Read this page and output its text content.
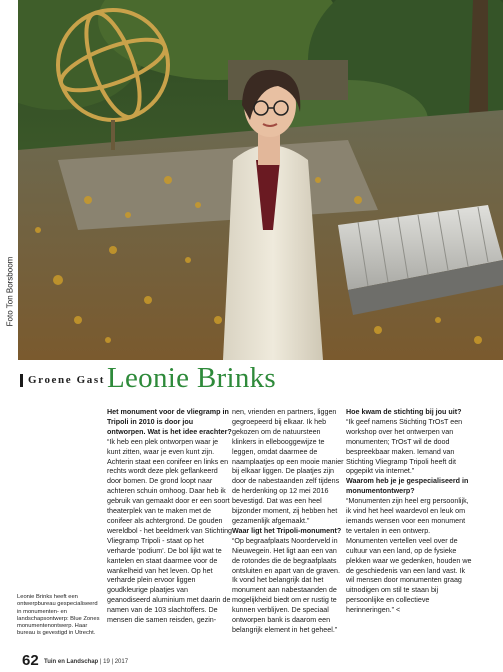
Foto Ton Borsboom
Groene Gast Leonie Brinks

Het monument voor de vliegramp in Tripoli in 2010 is door jou ontworpen. Wat is het idee erachter?

“Ik heb een plek ontworpen waar je kunt zitten, waar je even kunt zijn. Achterin staat een conifeer en links en rechts wordt deze plek geflankeerd door bomen. De grond loopt naar achteren schuin omhoog. Daar heb ik gebruik van gemaakt door er een soort theaterplek van te maken met de conifeer als achtergrond. De gouden wereldbol - het beeldmerk van Stichting Vliegramp Tripoli - staat op het verharde ‘podium’. De bol lijkt wat te kantelen en staat daarmee voor de wankelheid van het leven. Op het verharde plein ervoor liggen goudkleurige plaatjes van geanodiseerd aluminium met daarin de namen van de 103 slachtoffers. De mensen die samen reisden, gezin-

nen, vrienden en partners, liggen gegroepeerd bij elkaar. Ik heb gekozen om de natuursteen klinkers in ellebooggewijze te leggen, omdat daarmee de naamplaatjes op een mooie manier bij elkaar liggen. De plaatjes zijn door de nabestaanden zelf tijdens de herdenking op 12 mei 2016 bevestigd. Dat was een heel bijzonder moment, zij hebben het gezamenlijk afgemaakt.”

Waar ligt het Tripoli-monument?

“Op begraafplaats Noorderveld in Nieuwegein. Het ligt aan een van de rotondes die de begraafplaats ontsluiten en apart van de graven. Ik vond het belangrijk dat het monument aan nabestaanden de mogelijkheid biedt om er rustig te kunnen verblijven. De speciaal ontworpen bank is daarom een belangrijk element in het geheel.”

Hoe kwam de stichting bij jou uit?

“Ik geef namens Stichting TrOsT een workshop over het ontwerpen van monumenten; TrOsT wil de dood bespreekbaar maken. Iemand van Stichting Vliegramp Tripoli heeft dit opgepikt via internet.”

Waarom heb je je gespecialiseerd in monumentontwerp?

“Monumenten zijn heel erg persoonlijk, ik vind het heel waardevol en leuk om iemands wensen voor een monument te vertalen in een ontwerp. Monumenten vertellen veel over de cultuur van een land, op de fysieke plekken waar we gedenken, houden we de geschiedenis van een land vast. Ik wil mensen door monumenten graag uitnodigen om stil te staan bij persoonlijke en collectieve herinneringen.” <

Leonie Brinks heeft een ontwerpbureau gespecialiseerd in monumenten- en landschapsontwerp: Blue Zones monumentenontwerp. Haar bureau is gevestigd in Utrecht.
62 Tuin en Landschap | 19 | 2017
